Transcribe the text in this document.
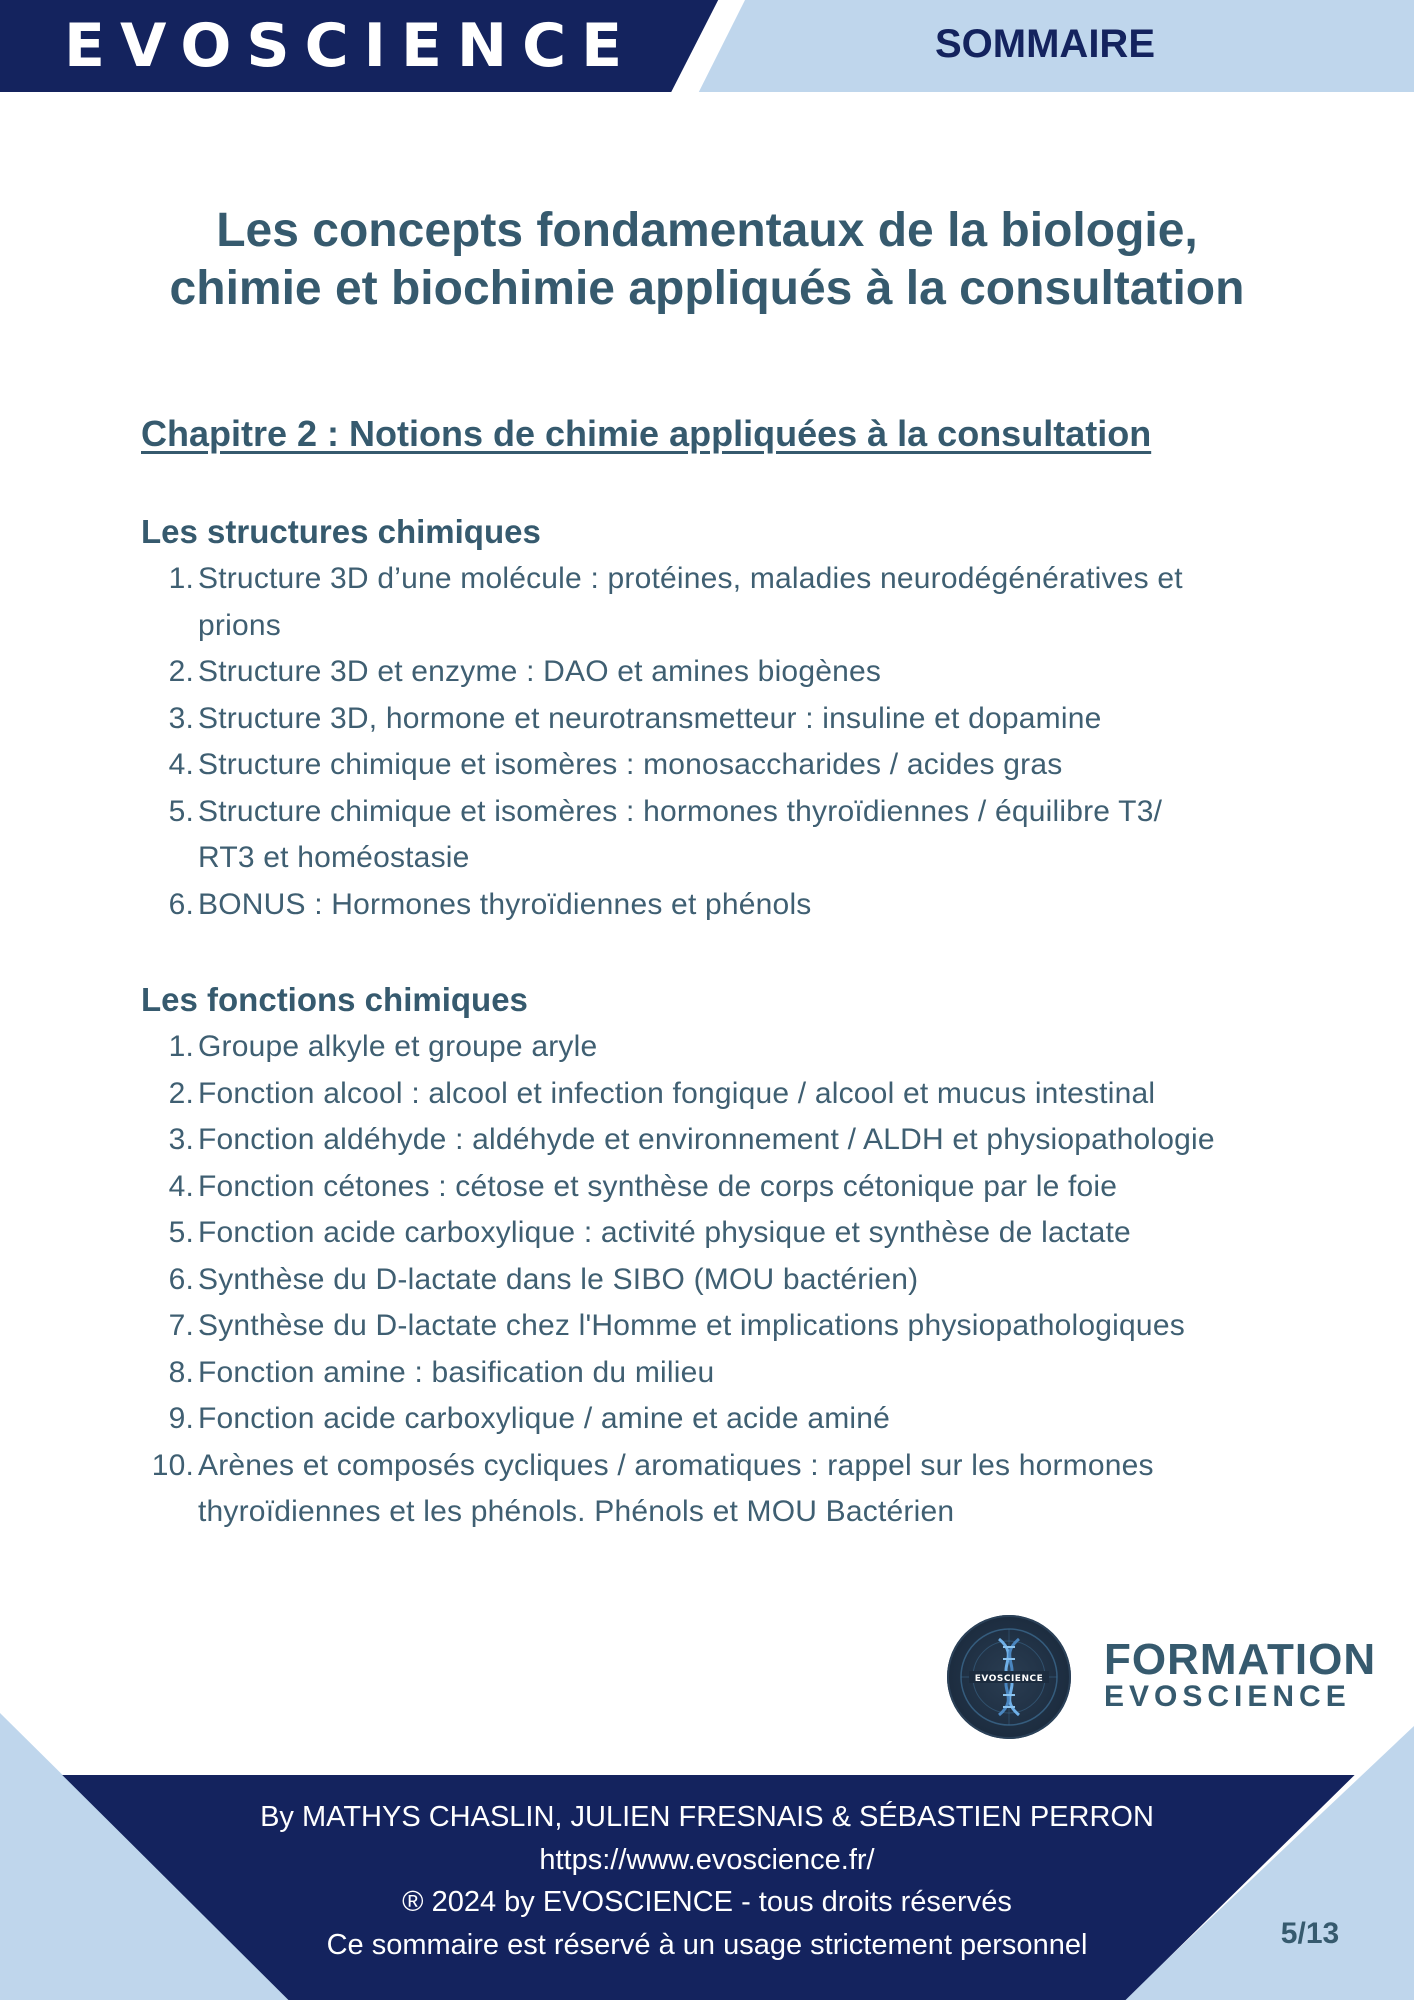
EVOSCIENCE	SOMMAIRE
Les concepts fondamentaux de la biologie,
chimie et biochimie appliqués à la consultation
Chapitre 2 : Notions de chimie appliquées à la consultation
Les structures chimiques
1. Structure 3D d’une molécule : protéines, maladies neurodégénératives et
prions
2. Structure 3D et enzyme : DAO et amines biogènes
3. Structure 3D, hormone et neurotransmetteur : insuline et dopamine
4. Structure chimique et isomères : monosaccharides / acides gras
5. Structure chimique et isomères : hormones thyroïdiennes / équilibre T3/
RT3 et homéostasie
6. BONUS : Hormones thyroïdiennes et phénols
Les fonctions chimiques
1. Groupe alkyle et groupe aryle
2. Fonction alcool : alcool et infection fongique / alcool et mucus intestinal
3. Fonction aldéhyde : aldéhyde et environnement / ALDH et physiopathologie
4. Fonction cétones : cétose et synthèse de corps cétonique par le foie
5. Fonction acide carboxylique : activité physique et synthèse de lactate
6. Synthèse du D-lactate dans le SIBO (MOU bactérien)
7. Synthèse du D-lactate chez l'Homme et implications physiopathologiques
8. Fonction amine : basification du milieu
9. Fonction acide carboxylique / amine et acide aminé
10. Arènes et composés cycliques / aromatiques : rappel sur les hormones
thyroïdiennes et les phénols. Phénols et MOU Bactérien
EVOSCIENCE FORMATION
EVOSCIENCE
By MATHYS CHASLIN, JULIEN FRESNAIS & SÉBASTIEN PERRON
https://www.evoscience.fr/
® 2024 by EVOSCIENCE - tous droits réservés
Ce sommaire est réservé à un usage strictement personnel	5/13
